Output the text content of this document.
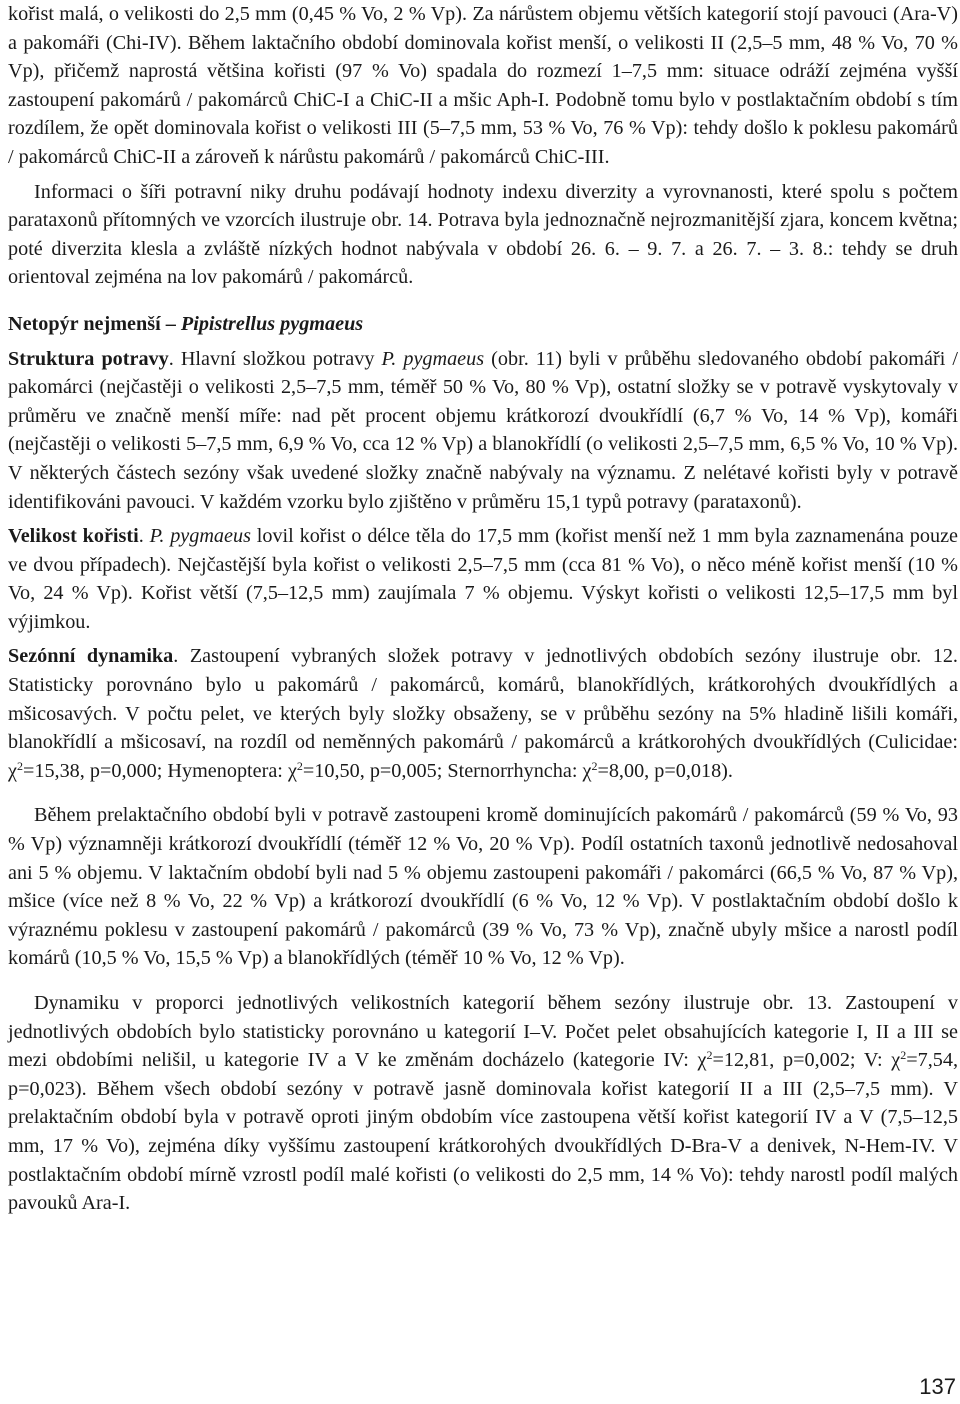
kořist malá, o velikosti do 2,5 mm (0,45 % Vo, 2 % Vp). Za nárůstem objemu větších kategorií stojí pavouci (Ara-V) a pakomáři (Chi-IV). Během laktačního období dominovala kořist menší, o velikosti II (2,5–5 mm, 48 % Vo, 70 % Vp), přičemž naprostá většina kořisti (97 % Vo) spadala do rozmezí 1–7,5 mm: situace odráží zejména vyšší zastoupení pakomárů / pakomárců ChiC-I a ChiC-II a mšic Aph-I. Podobně tomu bylo v postlaktačním období s tím rozdílem, že opět dominovala kořist o velikosti III (5–7,5 mm, 53 % Vo, 76 % Vp): tehdy došlo k poklesu pakomárů / pakomárců ChiC-II a zároveň k nárůstu pakomárů / pakomárců ChiC-III.

Informaci o šíři potravní niky druhu podávají hodnoty indexu diverzity a vyrovnanosti, které spolu s počtem parataxonů přítomných ve vzorcích ilustruje obr. 14. Potrava byla jednoznačně nejrozmanitější zjara, koncem května; poté diverzita klesla a zvláště nízkých hodnot nabývala v období 26. 6. – 9. 7. a 26. 7. – 3. 8.: tehdy se druh orientoval zejména na lov pakomárů / pakomárců.

Netopýr nejmenší – Pipistrellus pygmaeus

Struktura potravy. Hlavní složkou potravy P. pygmaeus (obr. 11) byli v průběhu sledovaného období pakomáři / pakomárci (nejčastěji o velikosti 2,5–7,5 mm, téměř 50 % Vo, 80 % Vp), ostatní složky se v potravě vyskytovaly v průměru ve značně menší míře: nad pět procent objemu krátkorozí dvoukřídlí (6,7 % Vo, 14 % Vp), komáři (nejčastěji o velikosti 5–7,5 mm, 6,9 % Vo, cca 12 % Vp) a blanokřídlí (o velikosti 2,5–7,5 mm, 6,5 % Vo, 10 % Vp). V některých částech sezóny však uvedené složky značně nabývaly na významu. Z nelétavé kořisti byly v potravě identifikováni pavouci. V každém vzorku bylo zjištěno v průměru 15,1 typů potravy (parataxonů).

Velikost kořisti. P. pygmaeus lovil kořist o délce těla do 17,5 mm (kořist menší než 1 mm byla zaznamenána pouze ve dvou případech). Nejčastější byla kořist o velikosti 2,5–7,5 mm (cca 81 % Vo), o něco méně kořist menší (10 % Vo, 24 % Vp). Kořist větší (7,5–12,5 mm) zaujímala 7 % objemu. Výskyt kořisti o velikosti 12,5–17,5 mm byl výjimkou.

Sezónní dynamika. Zastoupení vybraných složek potravy v jednotlivých obdobích sezóny ilustruje obr. 12. Statisticky porovnáno bylo u pakomárů / pakomárců, komárů, blanokřídlých, krátkorohých dvoukřídlých a mšicosavých. V počtu pelet, ve kterých byly složky obsaženy, se v průběhu sezóny na 5% hladině lišili komáři, blanokřídlí a mšicosaví, na rozdíl od neměnných pakomárů / pakomárců a krátkorohých dvoukřídlých (Culicidae: $\chi^2=15,38$, p=0,000; Hymenoptera: $\chi^2=10,50$, p=0,005; Sternorrhyncha: $\chi^2=8,00$, p=0,018).

Během prelaktačního období byli v potravě zastoupeni kromě dominujících pakomárů / pakomárců (59 % Vo, 93 % Vp) významněji krátkorozí dvoukřídlí (téměř 12 % Vo, 20 % Vp). Podíl ostatních taxonů jednotlivě nedosahoval ani 5 % objemu. V laktačním období byli nad 5 % objemu zastoupeni pakomáři / pakomárci (66,5 % Vo, 87 % Vp), mšice (více než 8 % Vo, 22 % Vp) a krátkorozí dvoukřídlí (6 % Vo, 12 % Vp). V postlaktačním období došlo k výraznému poklesu v zastoupení pakomárů / pakomárců (39 % Vo, 73 % Vp), značně ubyly mšice a narostl podíl komárů (10,5 % Vo, 15,5 % Vp) a blanokřídlých (téměř 10 % Vo, 12 % Vp).

Dynamiku v proporci jednotlivých velikostních kategorií během sezóny ilustruje obr. 13. Zastoupení v jednotlivých obdobích bylo statisticky porovnáno u kategorií I–V. Počet pelet obsahujících kategorie I, II a III se mezi obdobími nelišil, u kategorie IV a V ke změnám docházelo (kategorie IV: $\chi^2=12,81$, p=0,002; V: $\chi^2=7,54$, p=0,023). Během všech období sezóny v potravě jasně dominovala kořist kategorií II a III (2,5–7,5 mm). V prelaktačním období byla v potravě oproti jiným obdobím více zastoupena větší kořist kategorií IV a V (7,5–12,5 mm, 17 % Vo), zejména díky vyššímu zastoupení krátkorohých dvoukřídlých D-Bra-V a denivek, N-Hem-IV. V postlaktačním období mírně vzrostl podíl malé kořisti (o velikosti do 2,5 mm, 14 % Vo): tehdy narostl podíl malých pavouků Ara-I.

137
